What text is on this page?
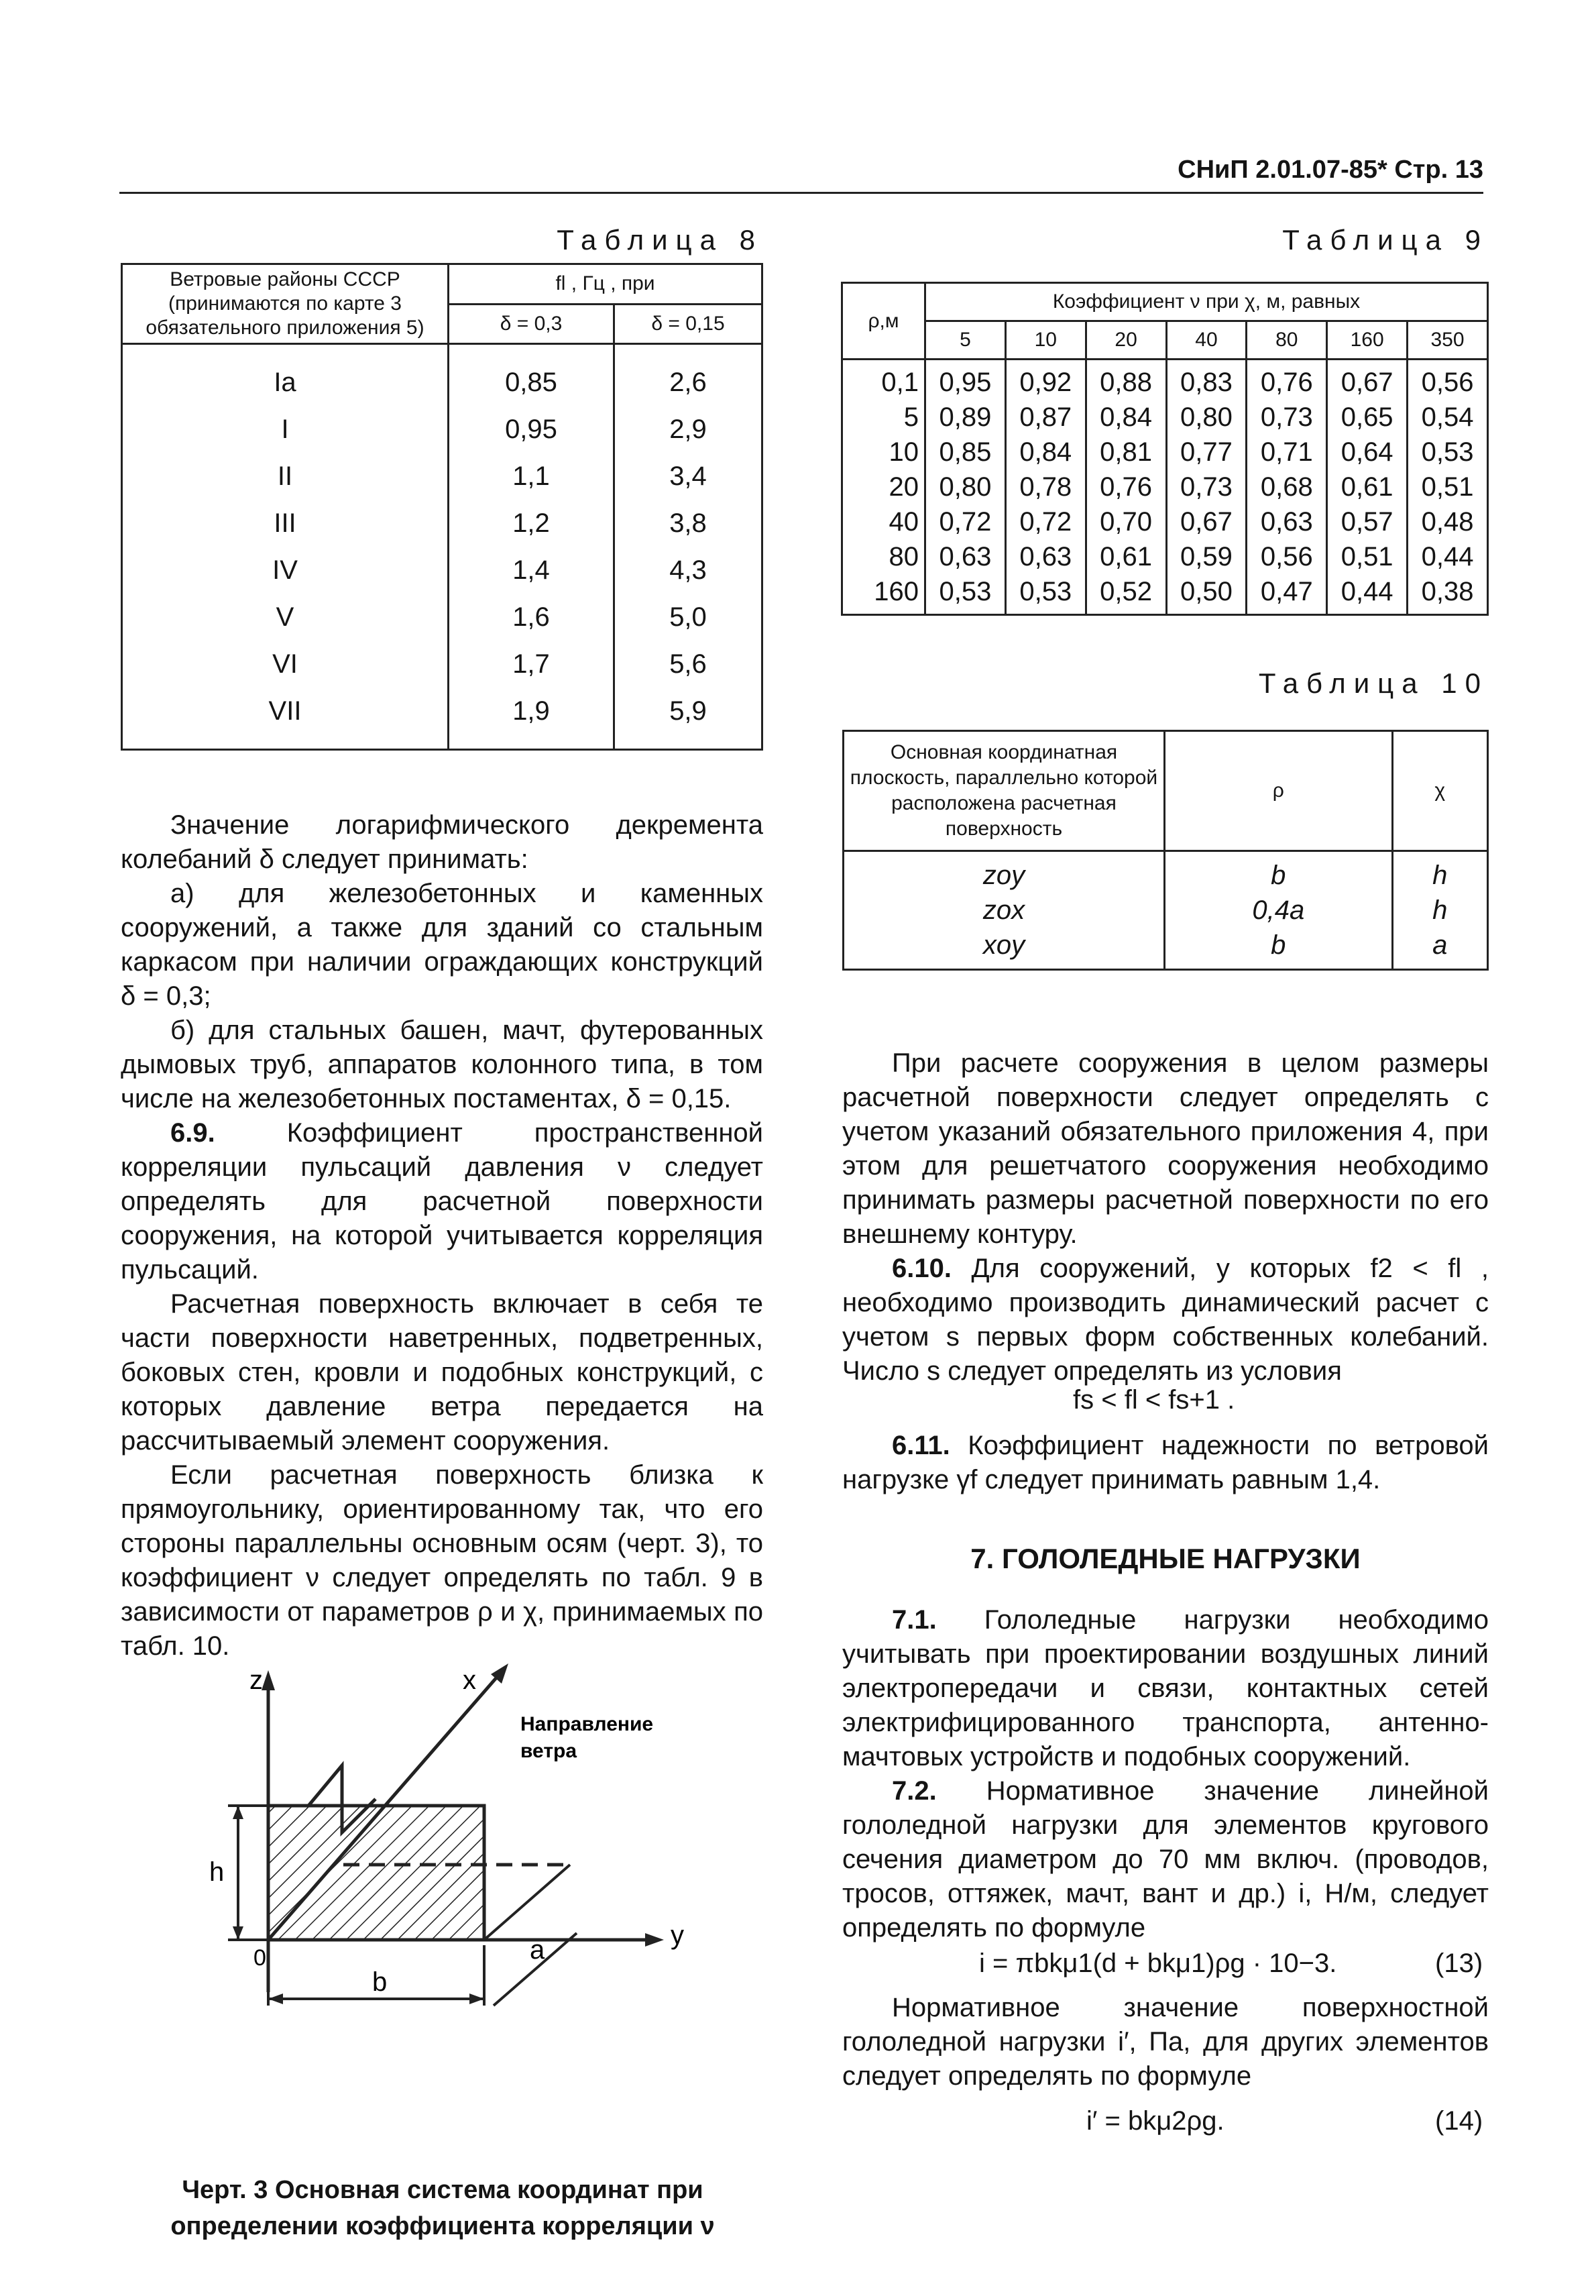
СНиП 2.01.07-85* Стр. 13
Таблица 8
Ветровые районы СССР (принимаются по карте 3 обязательного приложения 5)	fl , Гц , при	
	δ = 0,3	δ = 0,15
Ia	0,85	2,6
I	0,95	2,9
II	1,1	3,4
III	1,2	3,8
IV	1,4	4,3
V	1,6	5,0
VI	1,7	5,6
VII	1,9	5,9
Таблица 9
ρ,м	Коэффициент ν при χ, м, равных						
	5	10	20	40	80	160	350
0,1	0,95	0,92	0,88	0,83	0,76	0,67	0,56
5	0,89	0,87	0,84	0,80	0,73	0,65	0,54
10	0,85	0,84	0,81	0,77	0,71	0,64	0,53
20	0,80	0,78	0,76	0,73	0,68	0,61	0,51
40	0,72	0,72	0,70	0,67	0,63	0,57	0,48
80	0,63	0,63	0,61	0,59	0,56	0,51	0,44
160	0,53	0,53	0,52	0,50	0,47	0,44	0,38
Таблица 10
Основная координатная плоскость, параллельно которой расположена расчетная поверхность	ρ	χ
zoy	b	h
zox	0,4a	h
xoy	b	a

Значение логарифмического декремента колебаний δ следует принимать:

а) для железобетонных и каменных сооружений, а также для зданий со стальным каркасом при наличии ограждающих конструкций δ = 0,3;

б) для стальных башен, мачт, футерованных дымовых труб, аппаратов колонного типа, в том числе на железобетонных постаментах, δ = 0,15.

6.9. Коэффициент пространственной корреляции пульсаций давления ν следует определять для расчетной поверхности сооружения, на которой учитывается корреляция пульсаций.

Расчетная поверхность включает в себя те части поверхности наветренных, подветренных, боковых стен, кровли и подобных конструкций, с которых давление ветра передается на рассчитываемый элемент сооружения.

Если расчетная поверхность близка к прямоугольнику, ориентированному так, что его стороны параллельны основным осям (черт. 3), то коэффициент ν следует определять по табл. 9 в зависимости от параметров ρ и χ, принимаемых по табл. 10.

z	x
y
0
h
b
a
Направление
ветра
Черт. 3 Основная система координат при определении коэффициента корреляции ν

При расчете сооружения в целом размеры расчетной поверхности следует определять с учетом указаний обязательного приложения 4, при этом для решетчатого сооружения необходимо принимать размеры расчетной поверхности по его внешнему контуру.

6.10. Для сооружений, у которых f2 < fl , необходимо производить динамический расчет с учетом s первых форм собственных колебаний. Число s следует определять из условия

fs < fl < fs+1 .

6.11. Коэффициент надежности по ветровой нагрузке γf следует принимать равным 1,4.

7. ГОЛОЛЕДНЫЕ НАГРУЗКИ

7.1. Гололедные нагрузки необходимо учитывать при проектировании воздушных линий электропередачи и связи, контактных сетей электрифицированного транспорта, антенно-мачтовых устройств и подобных сооружений.

7.2. Нормативное значение линейной гололедной нагрузки для элементов кругового сечения диаметром до 70 мм включ. (проводов, тросов, оттяжек, мачт, вант и др.) i, Н/м, следует определять по формуле

i = πbkμ1(d + bkμ1)ρg · 10−3.	(13)

Нормативное значение поверхностной гололедной нагрузки i′, Па, для других элементов следует определять по формуле

i′ = bkμ2ρg.	(14)
